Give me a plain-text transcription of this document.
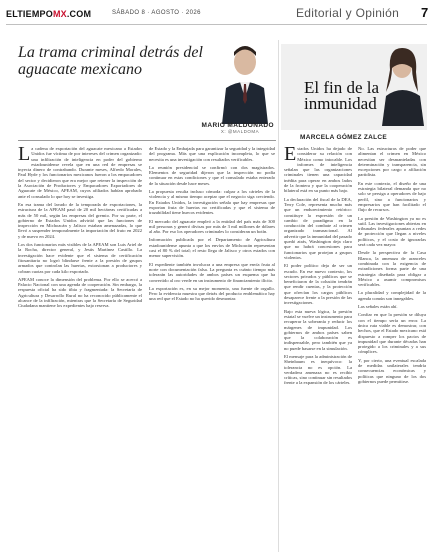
ELTIEMPOMX.COM	SÁBADO 8 · AGOSTO · 2026	Editorial y Opinión 7
La trama criminal detrás del aguacate mexicano
MARIO MALDONADO
X: @MALDOMA
El fin de la inmunidad
MARCELA GÓMEZ ZALCE

La cadena de exportación del aguacate mexicano a Estados Unidos fue víctima de por intereses del crimen organizado: una infiltración de inteligencia en poder del gobierno estadounidense revela que en una red de empresas se inyecta dinero de contrabando. Durante meses, Alfredo Morales, Paul Hyde y los funcionarios mexicanos fueron a los empacadores del sector y decidieron que era mejor que retener la inspección de la Asociación de Productores y Empacadores Exportadores de Aguacate de México, APEAM, cuyos afiliados habían aprobado ante el consulado lo que hoy se investiga.

En esa trama del lavado de la temporada de exportaciones, la estructura de la APEAM pasó de 20 mil hectáreas certificadas a más de 50 mil, según las empresas del gremio. Por su parte, el gobierno de Estados Unidos advirtió que las funciones de inspección en Michoacán y Jalisco estaban amenazadas, lo que llevó a suspender temporalmente la importación del fruto en 2022 y de nuevo en 2024.

Los dos funcionarios más visibles de la APEAM son Luis Ariel de la Rocha, director general, y Jesús Martínez Castillo. La investigación hace evidente que el sistema de certificación fitosanitaria no logró blindarse frente a la presión de grupos armados que controlan las huertas, extorsionan a productores y cobran cuotas por cada kilo exportado.

APEAM conoce la dimensión del problema. Por ello se acercó a Palacio Nacional con una agenda de cooperación. Sin embargo, la respuesta oficial ha sido tibia y fragmentada: la Secretaría de Agricultura y Desarrollo Rural no ha reconocido públicamente el alcance de la infiltración, mientras que la Secretaría de Seguridad Ciudadana mantiene los expedientes bajo reserva.

de Estado y la Embajada para garantizar la seguridad y la integridad del programa. Más que una explicación incompleta, lo que se necesita es una investigación con resultados verificables.

La reunión presidencial se confirmó con dos magistrados. Elementos de seguridad dijeron que la inspección no podía continuar en estas condiciones y que el consulado estaba enterado de la situación desde hace meses.

La propuesta resulta incluso cómoda: culpar a los cárteles de la violencia y al mismo tiempo aceptar que el negocio siga creciendo. En Estados Unidos, la investigación señala que hay empresas que exportan fruta de huertas no certificadas y que el sistema de trazabilidad tiene huecos evidentes.

El mercado del aguacate empleó a la entidad del país más de 300 mil personas y generó divisas por más de 3 mil millones de dólares al año. Por eso los operadores criminales lo consideran un botín.

Información publicada por el Departamento de Agricultura estadounidense apunta a que los envíos de Michoacán representan casi el 80 % del total; el resto llega de Jalisco y otros estados con menor supervisión.

El expediente también involucra a una empresa que envía fruta al norte con documentación falsa. La pregunta es cuánto tiempo más tolerarán las autoridades de ambos países un esquema que ha convertido al oro verde en un instrumento de financiamiento ilícito.

La exportación es, en su mejor momento, una fuente de orgullo. Pero la evidencia muestra que detrás del producto emblemático hay una red que el Estado no ha querido desmontar.

Estados Unidos ha dejado de considerar su relación con México como intocable. Los informes de inteligencia señalan que las organizaciones criminales tienen una capacidad inédita para operar en ambos lados de la frontera y que la cooperación bilateral está en su punto más bajo.

La declaración del fiscal de la DEA, Terry Cole, representa mucho más que un endurecimiento retórico: constituye la expresión de un cambio de paradigma en la conducción del combate al crimen organizado transnacional. Al advertir que la inmunidad del pasado quedó atrás, Washington deja claro que no habrá concesiones para funcionarios que protejan a grupos violentos.

El poder político deja de ser un escudo. En ese nuevo contexto, los sectores privados y públicos que se beneficiaron de la colusión tendrán que rendir cuentas, y la protección que ofrecían los cargos públicos desaparece frente a la presión de las investigaciones.

Bajo esta nueva lógica, la presión estatal se vuelve un instrumento para recuperar la soberanía y reducir los márgenes de impunidad. Los gobiernos de ambos países saben que la colaboración es indispensable, pero también que ya no puede basarse en la simulación.

El mensaje para la administración de Sheinbaum es inequívoco: la tolerancia no es opción. La verdadera amenaza no es recibir críticas, sino continuar sin resultados frente a la expansión de los cárteles.

No. Las estructuras de poder que alimentan el crimen en México necesitan ser desmanteladas con determinación y transparencia, sin excepciones por cargo o afiliación partidista.

En este contexto, el diseño de una estrategia bilateral demanda que no solo se persiga a operadores de bajo perfil, sino a funcionarios y empresarios que han facilitado el flujo de recursos.

La presión de Washington ya no es sutil. Las investigaciones abiertas en tribunales federales apuntan a redes de protección que llegan a niveles políticos, y el costo de ignorarlas será cada vez mayor.

Desde la perspectiva de la Casa Blanca, la amenaza de aranceles combinada con la exigencia de extradiciones forma parte de una estrategia diseñada para obligar a México a asumir compromisos verificables.

La pluralidad y complejidad de la agenda común son innegables.

Las señales están ahí.

Confiar en que la presión se diluya con el tiempo sería un error. La única ruta viable es demostrar, con hechos, que el Estado mexicano está dispuesto a romper los pactos de impunidad que durante décadas han protegido a los criminales y a sus cómplices.

Y, por cierto, una eventual escalada de medidas unilaterales tendría consecuencias económicas y políticas que ninguno de los dos gobiernos puede permitirse.
